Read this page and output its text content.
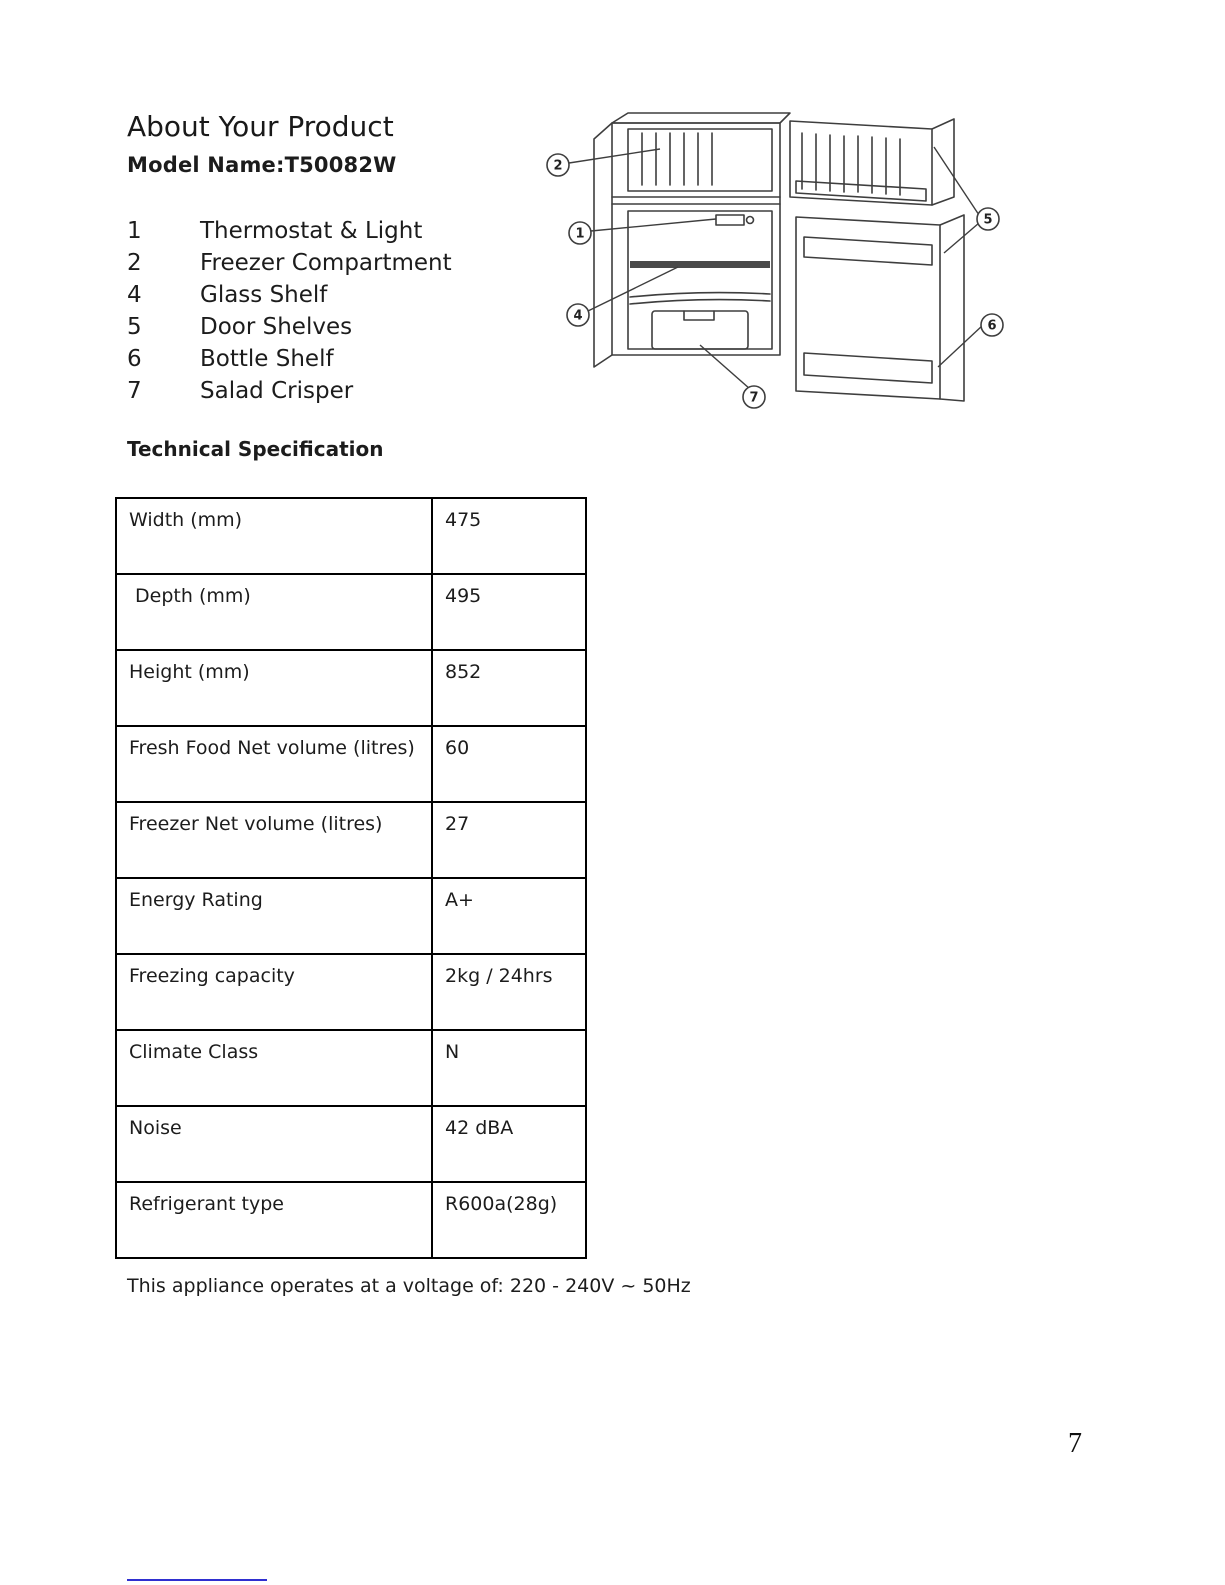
About Your Product
Model Name:T50082W
1	Thermostat & Light
2	Freezer Compartment
4	Glass Shelf
5	Door Shelves
6	Bottle Shelf
7	Salad Crisper
Technical Specification
Width (mm)	475
Depth (mm)	495
Height (mm)	852
Fresh Food Net volume (litres)	60
Freezer Net volume (litres)	27
Energy Rating	A+
Freezing capacity	2kg / 24hrs
Climate Class	N
Noise	42 dBA
Refrigerant type	R600a(28g)
This appliance operates at a voltage of: 220 - 240V ~ 50Hz
2
1
4
7
5
6
7
